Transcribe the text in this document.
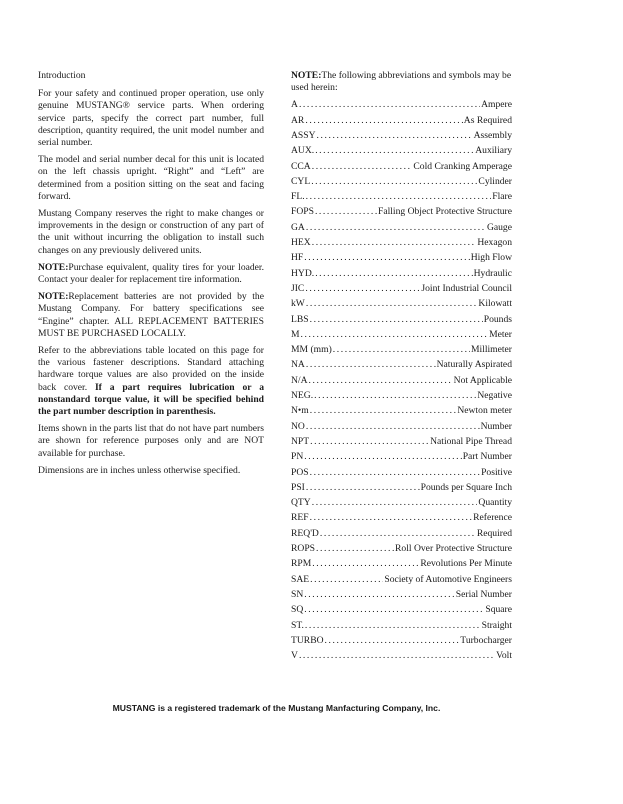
Introduction

For your safety and continued proper operation, use only genuine MUSTANG® service parts. When ordering service parts, specify the correct part number, full description, quantity required, the unit model number and serial number.

The model and serial number decal for this unit is located on the left chassis upright. “Right” and “Left” are determined from a position sitting on the seat and facing forward.

Mustang Company reserves the right to make changes or improvements in the design or construction of any part of the unit without incurring the obligation to install such changes on any previously delivered units.

NOTE:Purchase equivalent, quality tires for your loader. Contact your dealer for replacement tire information.

NOTE:Replacement batteries are not provided by the Mustang Company. For battery specifications see “Engine” chapter. ALL REPLACEMENT BATTERIES MUST BE PURCHASED LOCALLY.

Refer to the abbreviations table located on this page for the various fastener descriptions. Standard attaching hardware torque values are also provided on the inside back cover. If a part requires lubrication or a nonstandard torque value, it will be specified behind the part number description in parenthesis.

Items shown in the parts list that do not have part numbers are shown for reference purposes only and are NOT available for purchase.

Dimensions are in inches unless otherwise specified.

NOTE:The following abbreviations and symbols may be used herein:
A . . .	Ampere
AR . . .	As Required
ASSY . . .	Assembly
AUX. . . .	Auxiliary
CCA . . .	Cold Cranking Amperage
CYL . . .	Cylinder
FL. . . .	Flare
FOPS . . .	Falling Object Protective Structure
GA . . .	Gauge
HEX . . .	Hexagon
HF . . .	High Flow
HYD. . . .	Hydraulic
JIC . . .	Joint Industrial Council
kW . . .	Kilowatt
LBS . . .	Pounds
M . . .	Meter
MM (mm) . . .	Millimeter
NA . . .	Naturally Aspirated
N/A . . .	Not Applicable
NEG. . . .	Negative
N•m . . .	Newton meter
NO . . .	Number
NPT . . .	National Pipe Thread
PN . . .	Part Number
POS . . .	Positive
PSI . . .	Pounds per Square Inch
QTY . . .	Quantity
REF . . .	Reference
REQ'D . . .	Required
ROPS . . .	Roll Over Protective Structure
RPM . . .	Revolutions Per Minute
SAE . . .	Society of Automotive Engineers
SN . . .	Serial Number
SQ . . .	Square
ST. . . .	Straight
TURBO . . .	Turbocharger
V . . .	Volt
MUSTANG is a registered trademark of the Mustang Manfacturing Company, Inc.
